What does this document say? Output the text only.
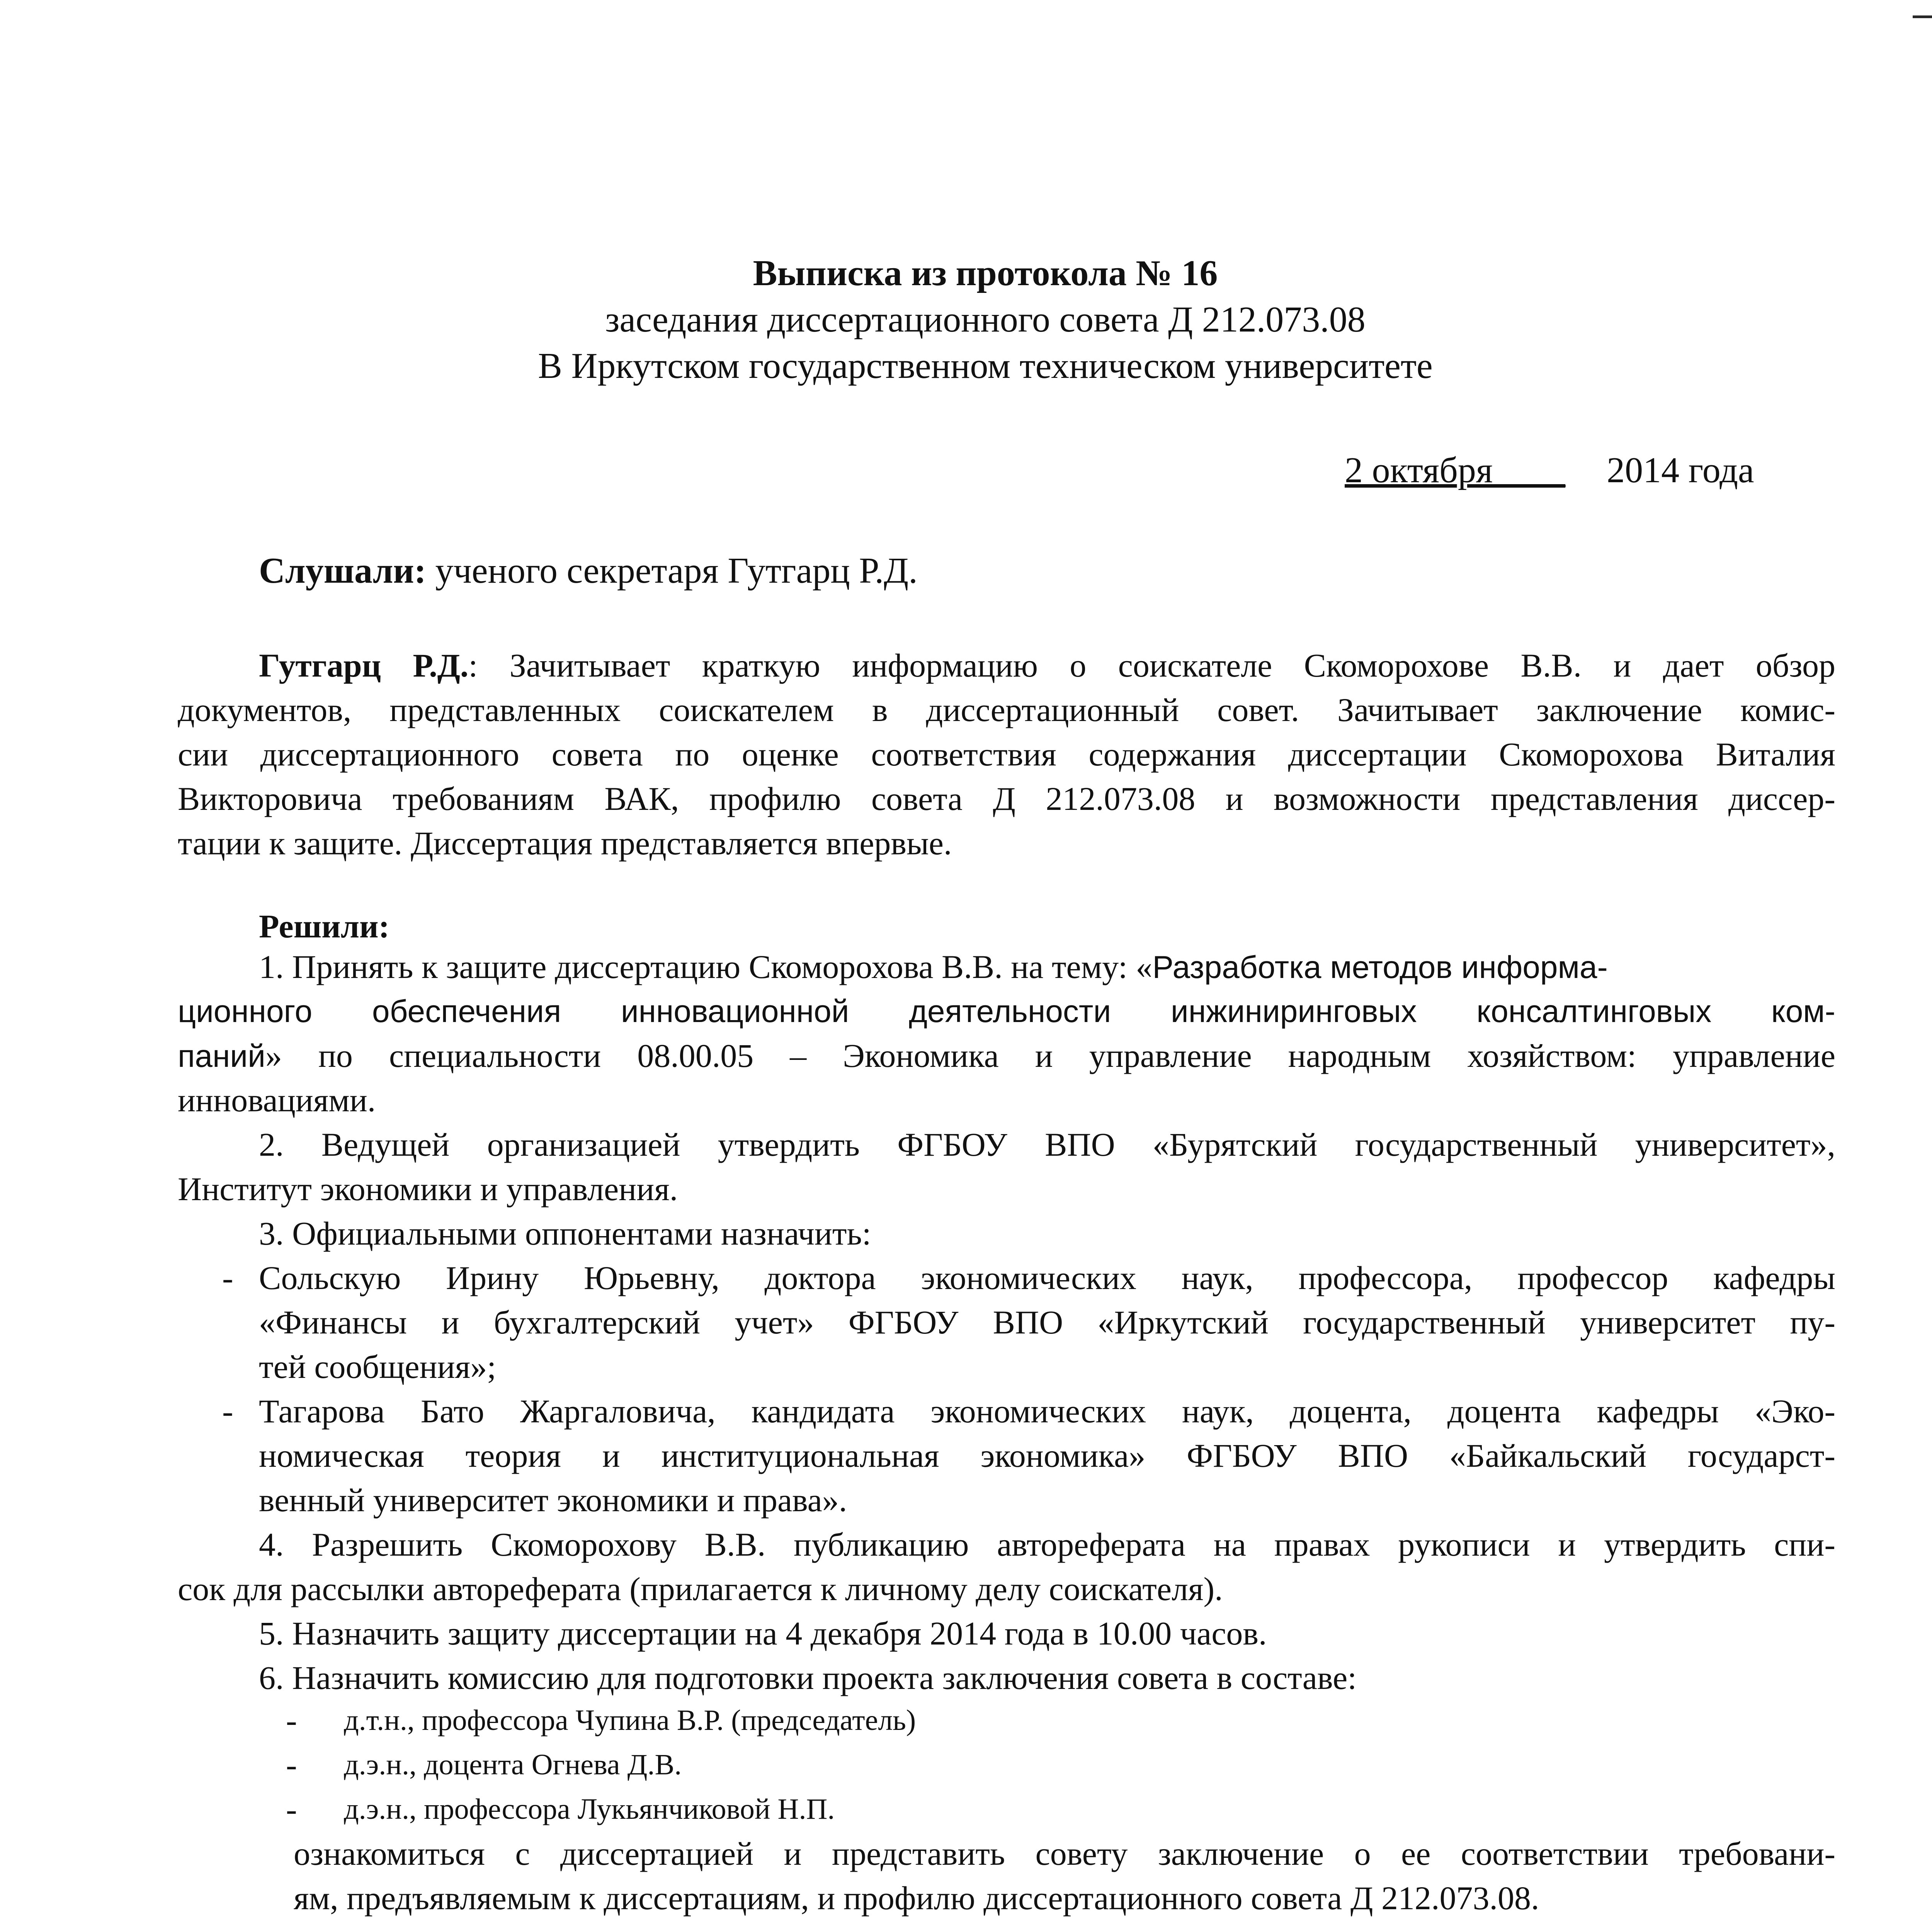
Выписка из протокола № 16
заседания диссертационного совета Д 212.073.08
В Иркутском государственном техническом университете
2 октября____ 2014 года
Слушали: ученого секретаря Гутгарц Р.Д.
Гутгарц Р.Д.: Зачитывает краткую информацию о соискателе Скоморохове В.В. и дает обзор
документов, представленных соискателем в диссертационный совет. Зачитывает заключение комис-
сии диссертационного совета по оценке соответствия содержания диссертации Скоморохова Виталия
Викторовича требованиям ВАК, профилю совета Д 212.073.08 и возможности представления диссер-
тации к защите. Диссертация представляется впервые.
Решили:
1. Принять к защите диссертацию Скоморохова В.В. на тему: «Разработка методов информа-
ционного обеспечения инновационной деятельности инжиниринговых консалтинговых ком-
паний» по специальности 08.00.05 – Экономика и управление народным хозяйством: управление
инновациями.
2. Ведущей организацией утвердить ФГБОУ ВПО «Бурятский государственный университет»,
Институт экономики и управления.
3. Официальными оппонентами назначить:
- Сольскую Ирину Юрьевну, доктора экономических наук, профессора, профессор кафедры
«Финансы и бухгалтерский учет» ФГБОУ ВПО «Иркутский государственный университет пу-
тей сообщения»;
- Тагарова Бато Жаргаловича, кандидата экономических наук, доцента, доцента кафедры «Эко-
номическая теория и институциональная экономика» ФГБОУ ВПО «Байкальский государст-
венный университет экономики и права».
4. Разрешить Скоморохову В.В. публикацию автореферата на правах рукописи и утвердить спи-
сок для рассылки автореферата (прилагается к личному делу соискателя).
5. Назначить защиту диссертации на 4 декабря 2014 года в 10.00 часов.
6. Назначить комиссию для подготовки проекта заключения совета в составе:
- д.т.н., профессора Чупина В.Р. (председатель)
- д.э.н., доцента Огнева Д.В.
- д.э.н., профессора Лукьянчиковой Н.П.
ознакомиться с диссертацией и представить совету заключение о ее соответствии требовани-
ям, предъявляемым к диссертациям, и профилю диссертационного совета Д 212.073.08.
